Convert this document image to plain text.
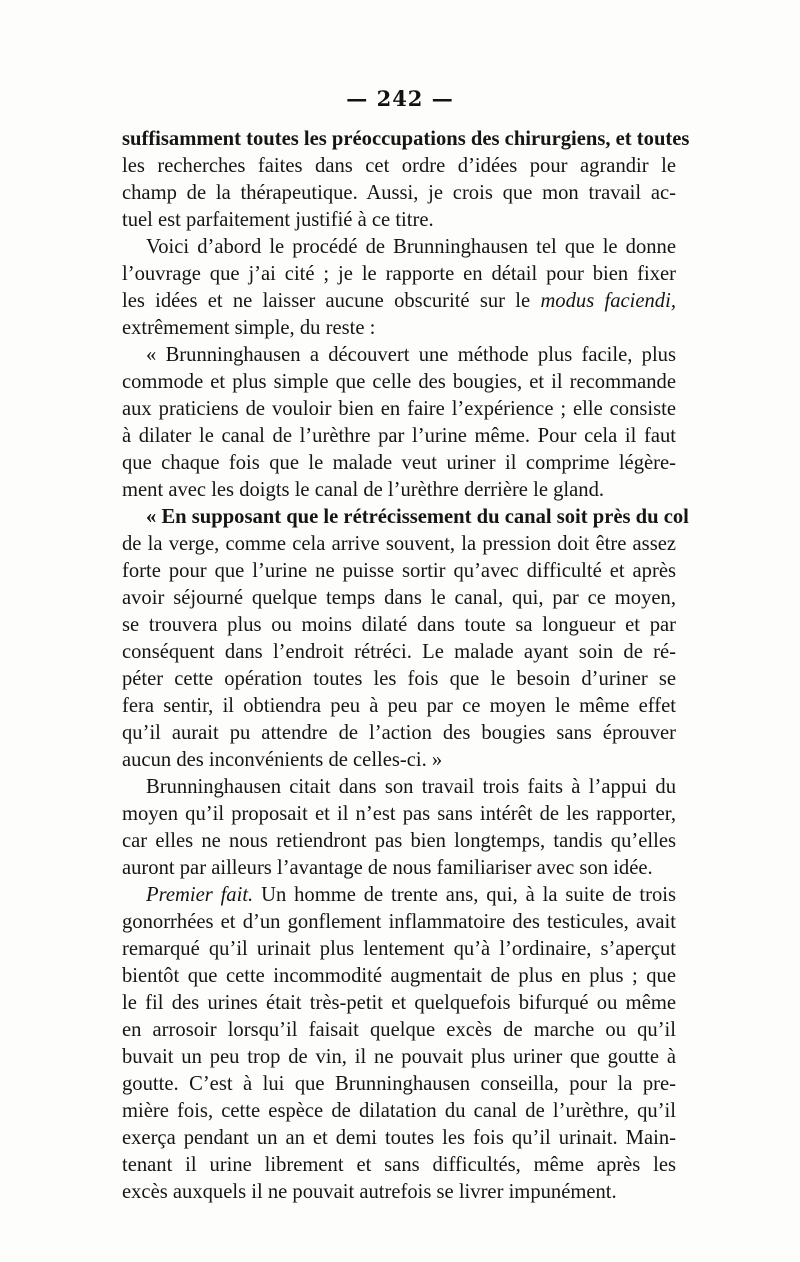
— 242 —
suffisamment toutes les préoccupations des chirurgiens, et toutes
les recherches faites dans cet ordre d’idées pour agrandir le
champ de la thérapeutique. Aussi, je crois que mon travail ac-
tuel est parfaitement justifié à ce titre.
Voici d’abord le procédé de Brunninghausen tel que le donne
l’ouvrage que j’ai cité ; je le rapporte en détail pour bien fixer
les idées et ne laisser aucune obscurité sur le modus faciendi,
extrêmement simple, du reste :
« Brunninghausen a découvert une méthode plus facile, plus
commode et plus simple que celle des bougies, et il recommande
aux praticiens de vouloir bien en faire l’expérience ; elle consiste
à dilater le canal de l’urèthre par l’urine même. Pour cela il faut
que chaque fois que le malade veut uriner il comprime légère-
ment avec les doigts le canal de l’urèthre derrière le gland.
« En supposant que le rétrécissement du canal soit près du col
de la verge, comme cela arrive souvent, la pression doit être assez
forte pour que l’urine ne puisse sortir qu’avec difficulté et après
avoir séjourné quelque temps dans le canal, qui, par ce moyen,
se trouvera plus ou moins dilaté dans toute sa longueur et par
conséquent dans l’endroit rétréci. Le malade ayant soin de ré-
péter cette opération toutes les fois que le besoin d’uriner se
fera sentir, il obtiendra peu à peu par ce moyen le même effet
qu’il aurait pu attendre de l’action des bougies sans éprouver
aucun des inconvénients de celles-ci. »
Brunninghausen citait dans son travail trois faits à l’appui du
moyen qu’il proposait et il n’est pas sans intérêt de les rapporter,
car elles ne nous retiendront pas bien longtemps, tandis qu’elles
auront par ailleurs l’avantage de nous familiariser avec son idée.
Premier fait. Un homme de trente ans, qui, à la suite de trois
gonorrhées et d’un gonflement inflammatoire des testicules, avait
remarqué qu’il urinait plus lentement qu’à l’ordinaire, s’aperçut
bientôt que cette incommodité augmentait de plus en plus ; que
le fil des urines était très-petit et quelquefois bifurqué ou même
en arrosoir lorsqu’il faisait quelque excès de marche ou qu’il
buvait un peu trop de vin, il ne pouvait plus uriner que goutte à
goutte. C’est à lui que Brunninghausen conseilla, pour la pre-
mière fois, cette espèce de dilatation du canal de l’urèthre, qu’il
exerça pendant un an et demi toutes les fois qu’il urinait. Main-
tenant il urine librement et sans difficultés, même après les
excès auxquels il ne pouvait autrefois se livrer impunément.
